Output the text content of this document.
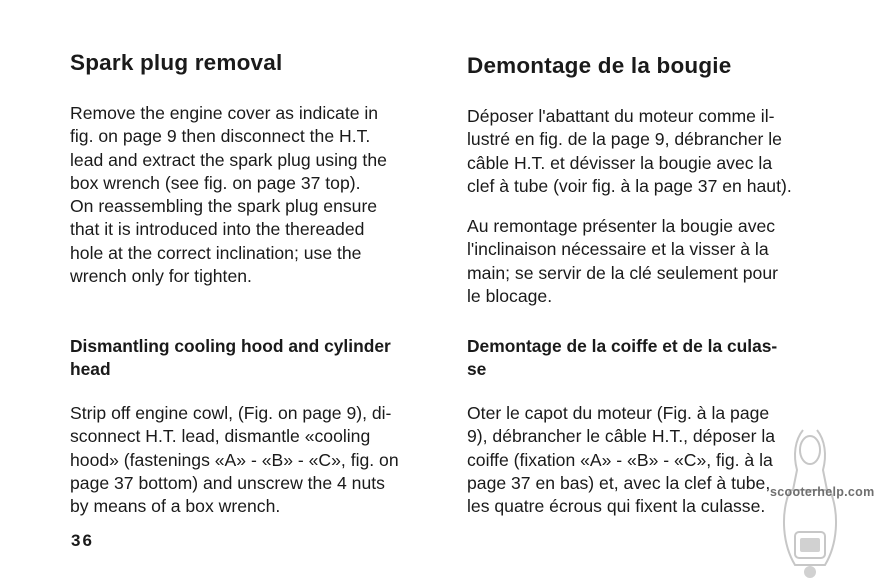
Spark plug removal

Remove the engine cover as indicate in
fig. on page 9 then disconnect the H.T.
lead and extract the spark plug using the
box wrench (see fig. on page 37 top).
On reassembling the spark plug ensure
that it is introduced into the thereaded
hole at the correct inclination; use the
wrench only for tighten.

Dismantling cooling hood and cylinder
head

Strip off engine cowl, (Fig. on page 9), di-
sconnect H.T. lead, dismantle «cooling
hood» (fastenings «A» - «B» - «C», fig. on
page 37 bottom) and unscrew the 4 nuts
by means of a box wrench.

Demontage de la bougie

Déposer l'abattant du moteur comme il-
lustré en fig. de la page 9, débrancher le
câble H.T. et dévisser la bougie avec la
clef à tube (voir fig. à la page 37 en haut).

Au remontage présenter la bougie avec
l'inclinaison nécessaire et la visser à la
main; se servir de la clé seulement pour
le blocage.

Demontage de la coiffe et de la culas-
se

Oter le capot du moteur (Fig. à la page
9), débrancher le câble H.T., déposer la
coiffe (fixation «A» - «B» - «C», fig. à la
page 37 en bas) et, avec la clef à tube,
les quatre écrous qui fixent la culasse.

36
scooterhelp.com
